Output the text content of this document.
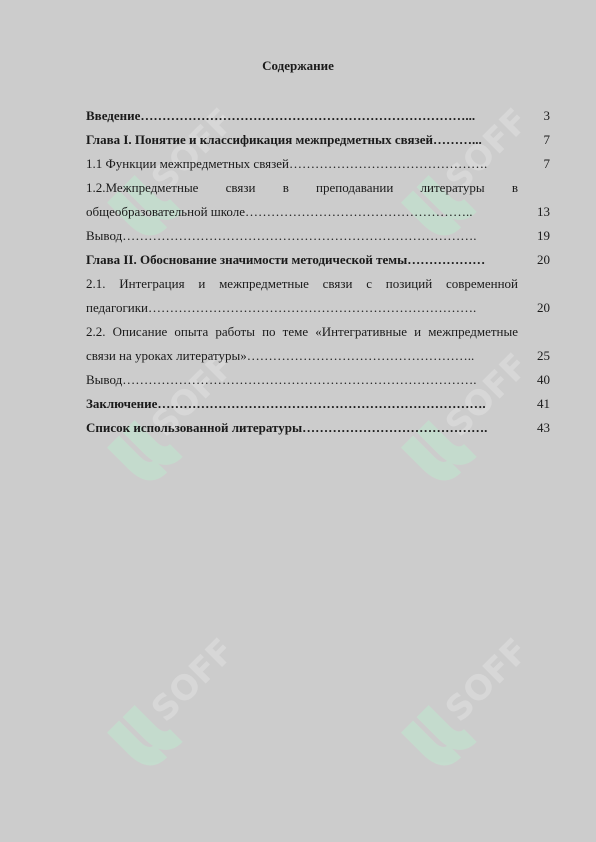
SOFF	SOFF
SOFF	SOFF
SOFF	SOFF
Содержание
Введение…………………………………………………………………...	3
Глава I. Понятие и классификация межпредметных связей………...	7
1.1 Функции межпредметных связей……………………………………….	7
1.2.Межпредметные связи в преподавании литературы в
общеобразовательной школе……………………………………………..	13
Вывод……………………………………………………………………….	19
Глава II. Обоснование значимости методической темы………………	20
2.1. Интеграция и межпредметные связи с позиций современной
педагогики………………………………………………………………….	20
2.2. Описание опыта работы по теме «Интегративные и межпредметные
связи на уроках литературы»……………………………………………..	25
Вывод……………………………………………………………………….	40
Заключение………………………………………………………………….	41
Список использованной литературы…………………………………….	43
